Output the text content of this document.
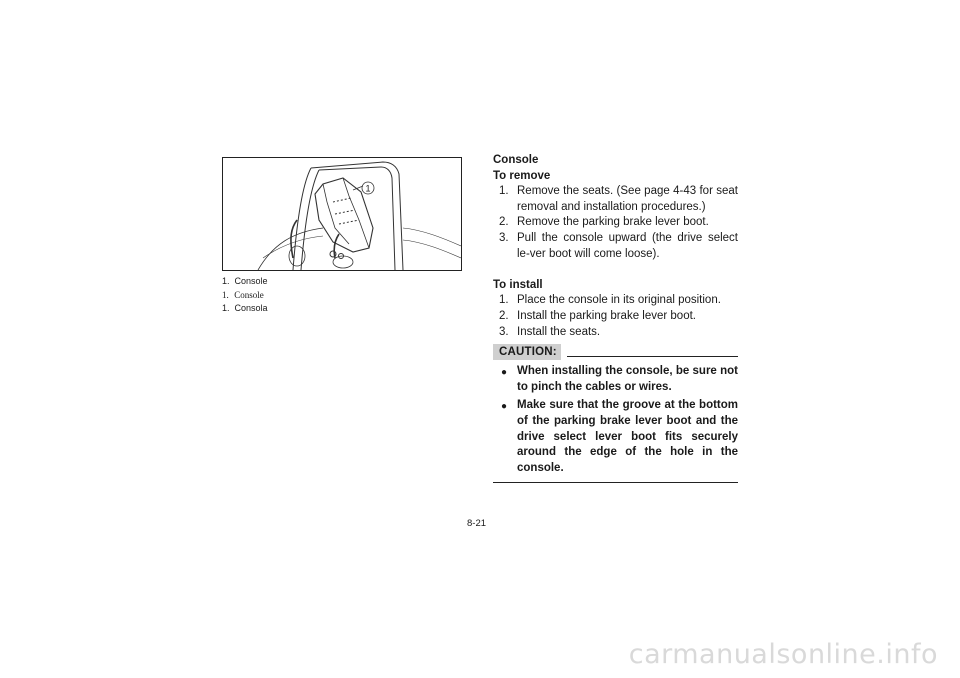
1
1. Console
1. Console
1. Consola

Console

To remove

1. Remove the seats. (See page 4-43 for seat removal and installation procedures.)
2. Remove the parking brake lever boot.
3. Pull the console upward (the drive select le-ver boot will come loose).

To install

1. Place the console in its original position.
2. Install the parking brake lever boot.
3. Install the seats.
CAUTION:
● When installing the console, be sure not to pinch the cables or wires.
● Make sure that the groove at the bottom of the parking brake lever boot and the drive select lever boot fits securely around the edge of the hole in the console.
8-21
carmanualsonline.info
